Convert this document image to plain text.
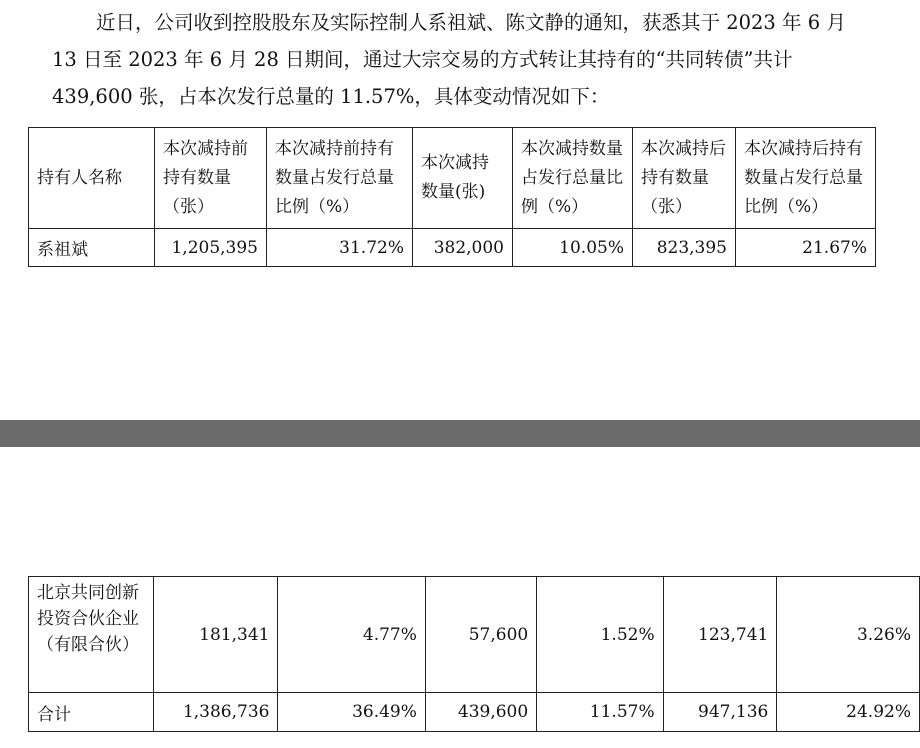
近日，公司收到控股股东及实际控制人系祖斌、陈文静的通知，获悉其于 2023 年 6 月 13 日至 2023 年 6 月 28 日期间，通过大宗交易的方式转让其持有的“共同转债”共计 439,600 张，占本次发行总量的 11.57%，具体变动情况如下：
持有人名称	本次减持前持有数量（张）	本次减持前持有数量占发行总量比例（%）	本次减持数量(张)	本次减持数量占发行总量比例（%）	本次减持后持有数量（张）	本次减持后持有数量占发行总量比例（%）
系祖斌	1,205,395	31.72%	382,000	10.05%	823,395	21.67%
北京共同创新投资合伙企业（有限合伙）	181,341	4.77%	57,600	1.52%	123,741	3.26%
合计	1,386,736	36.49%	439,600	11.57%	947,136	24.92%
